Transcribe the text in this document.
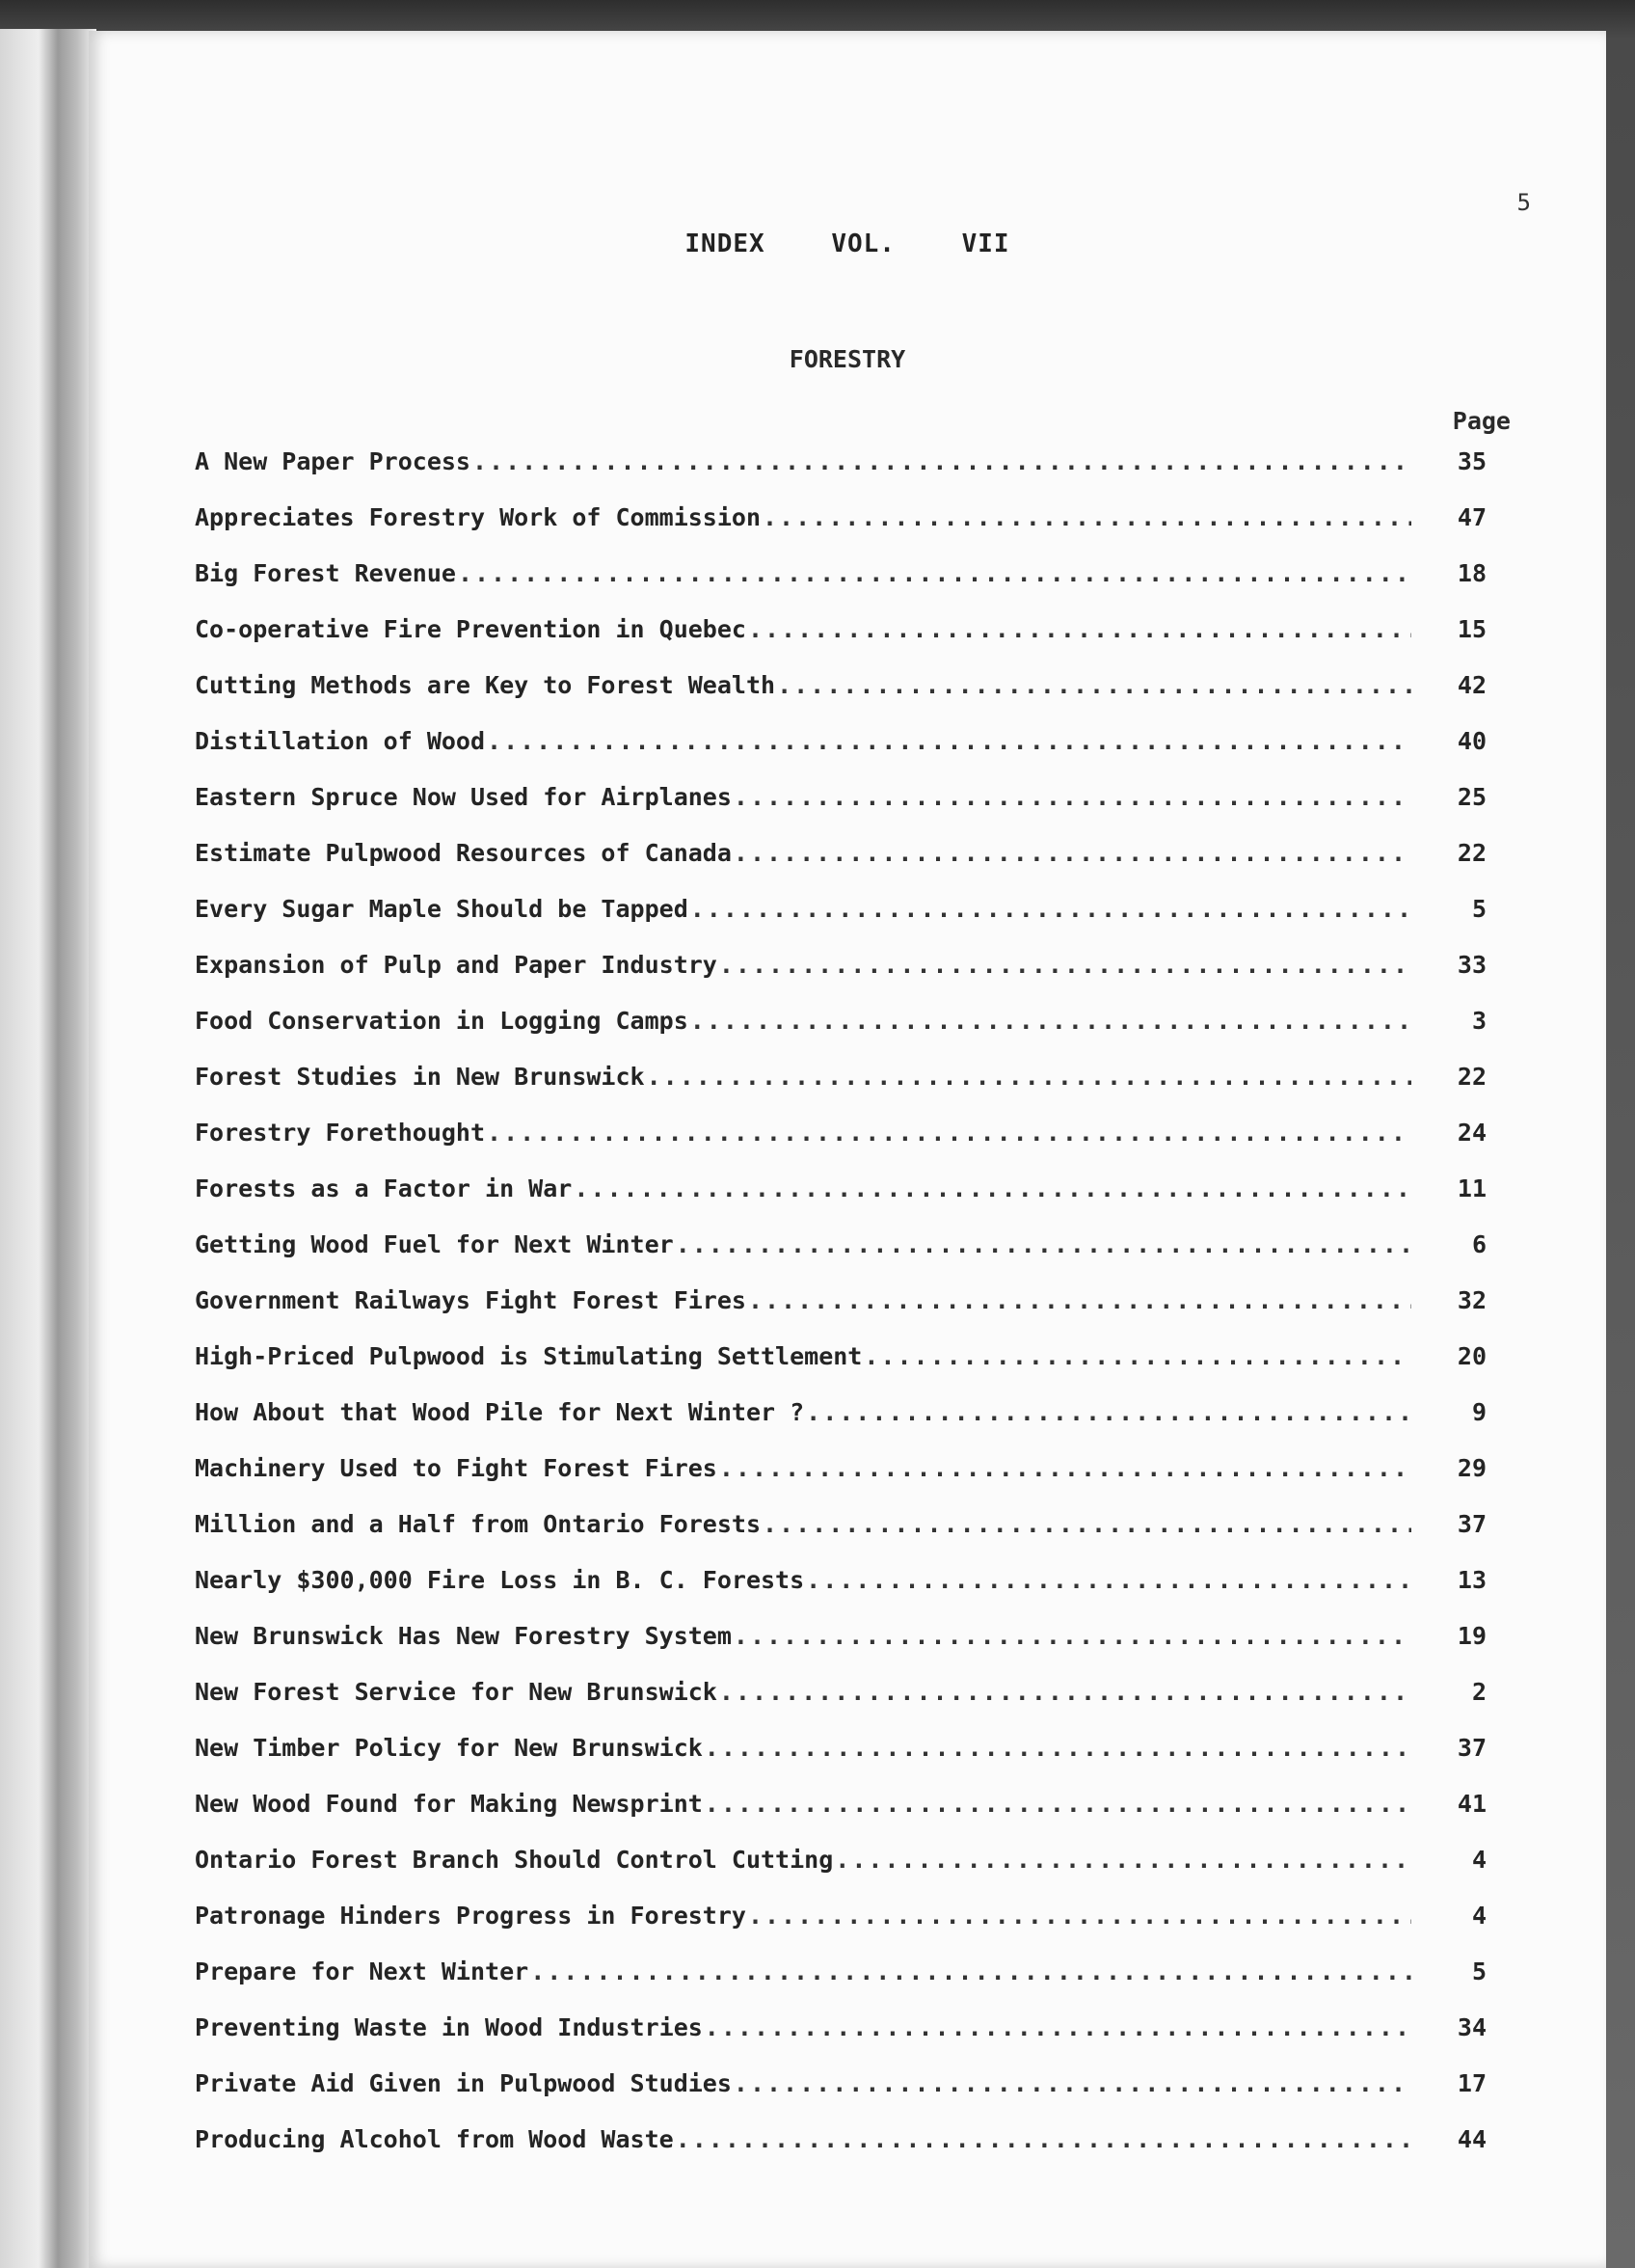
5
INDEX	VOL.	VII
FORESTRY
Page
A New Paper Process .....	35
Appreciates Forestry Work of Commission .....	47
Big Forest Revenue .....	18
Co-operative Fire Prevention in Quebec .....	15
Cutting Methods are Key to Forest Wealth .....	42
Distillation of Wood .....	40
Eastern Spruce Now Used for Airplanes .....	25
Estimate Pulpwood Resources of Canada .....	22
Every Sugar Maple Should be Tapped .....	5
Expansion of Pulp and Paper Industry .....	33
Food Conservation in Logging Camps .....	3
Forest Studies in New Brunswick .....	22
Forestry Forethought .....	24
Forests as a Factor in War .....	11
Getting Wood Fuel for Next Winter .....	6
Government Railways Fight Forest Fires .....	32
High-Priced Pulpwood is Stimulating Settlement .....	20
How About that Wood Pile for Next Winter ? .....	9
Machinery Used to Fight Forest Fires .....	29
Million and a Half from Ontario Forests .....	37
Nearly $300,000 Fire Loss in B. C. Forests .....	13
New Brunswick Has New Forestry System .....	19
New Forest Service for New Brunswick .....	2
New Timber Policy for New Brunswick .....	37
New Wood Found for Making Newsprint .....	41
Ontario Forest Branch Should Control Cutting .....	4
Patronage Hinders Progress in Forestry .....	4
Prepare for Next Winter .....	5
Preventing Waste in Wood Industries .....	34
Private Aid Given in Pulpwood Studies .....	17
Producing Alcohol from Wood Waste .....	44
